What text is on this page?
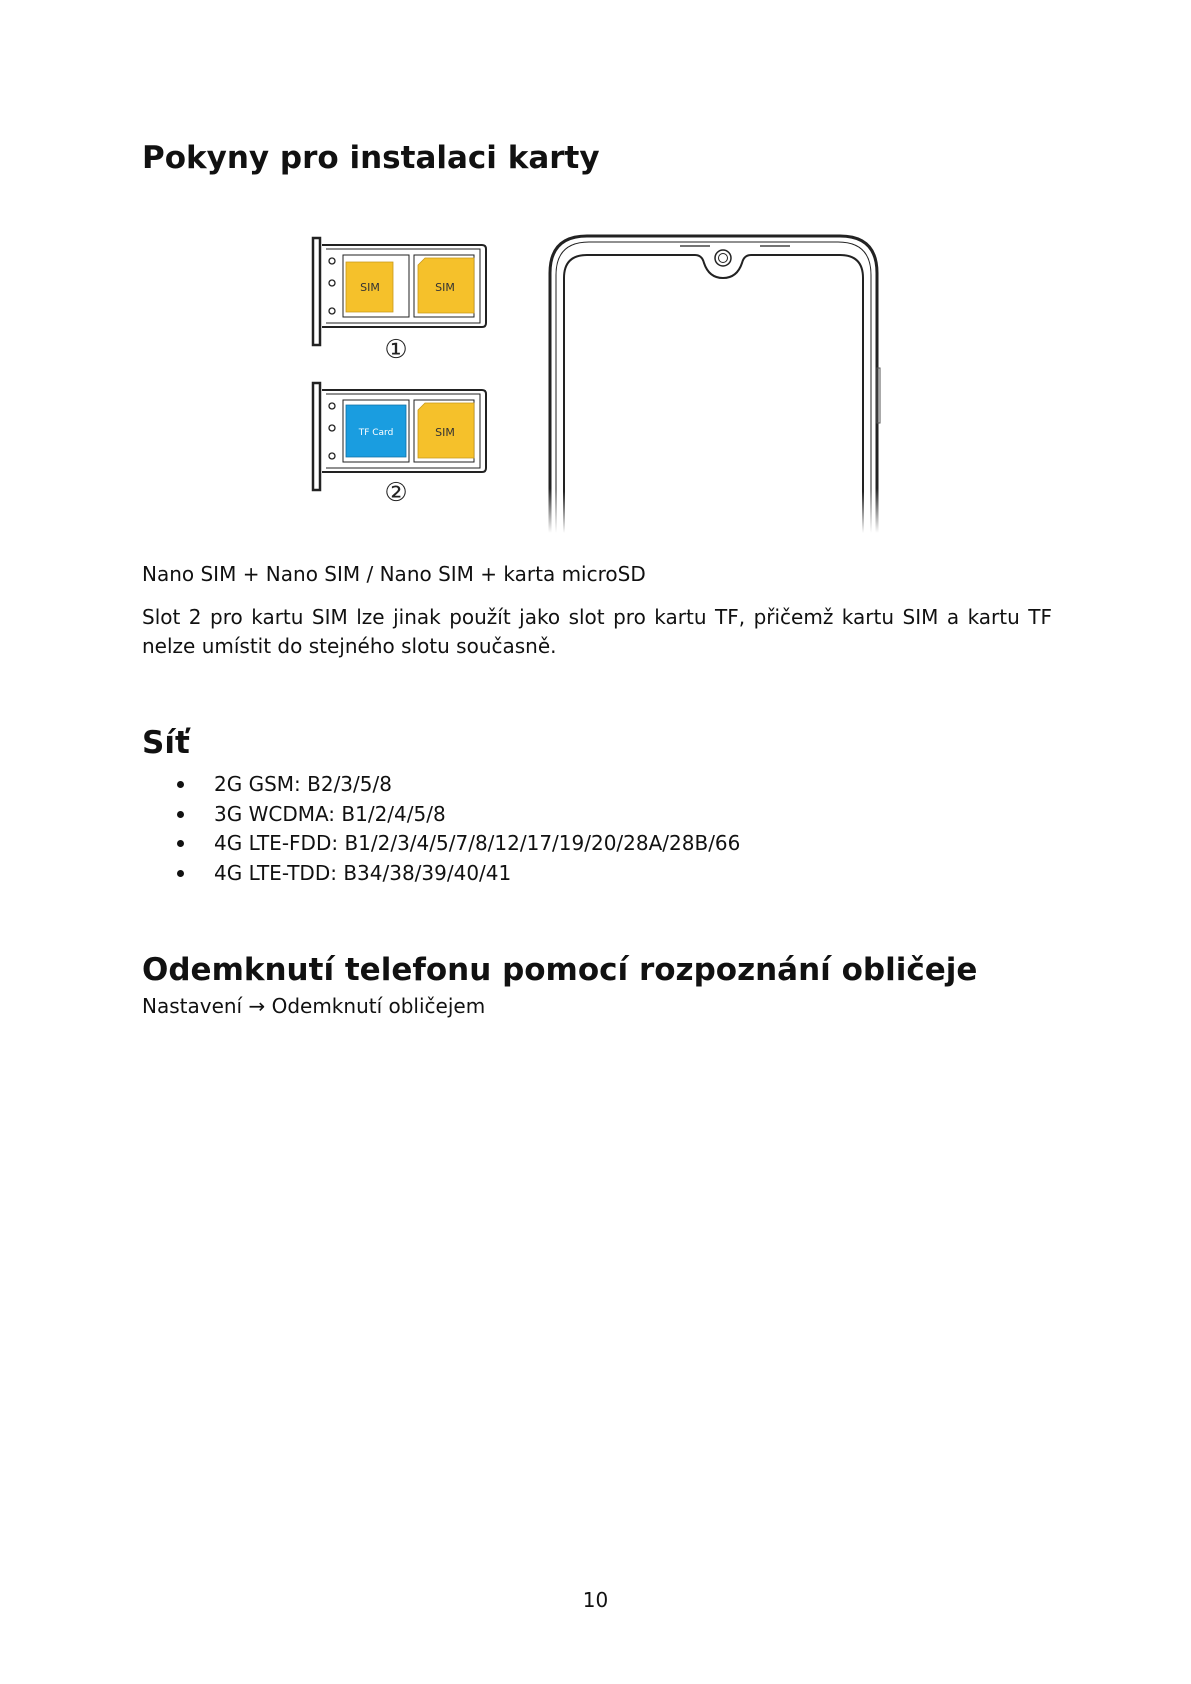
Pokyny pro instalaci karty
SIM	SIM
①
TF Card	SIM
②

Nano SIM + Nano SIM / Nano SIM + karta microSD

Slot 2 pro kartu SIM lze jinak použít jako slot pro kartu TF, přičemž kartu SIM a kartu TF nelze umístit do stejného slotu současně.

Síť
2G GSM: B2/3/5/8
3G WCDMA: B1/2/4/5/8
4G LTE-FDD: B1/2/3/4/5/7/8/12/17/19/20/28A/28B/66
4G LTE-TDD: B34/38/39/40/41
Odemknutí telefonu pomocí rozpoznání obličeje

Nastavení → Odemknutí obličejem

10
